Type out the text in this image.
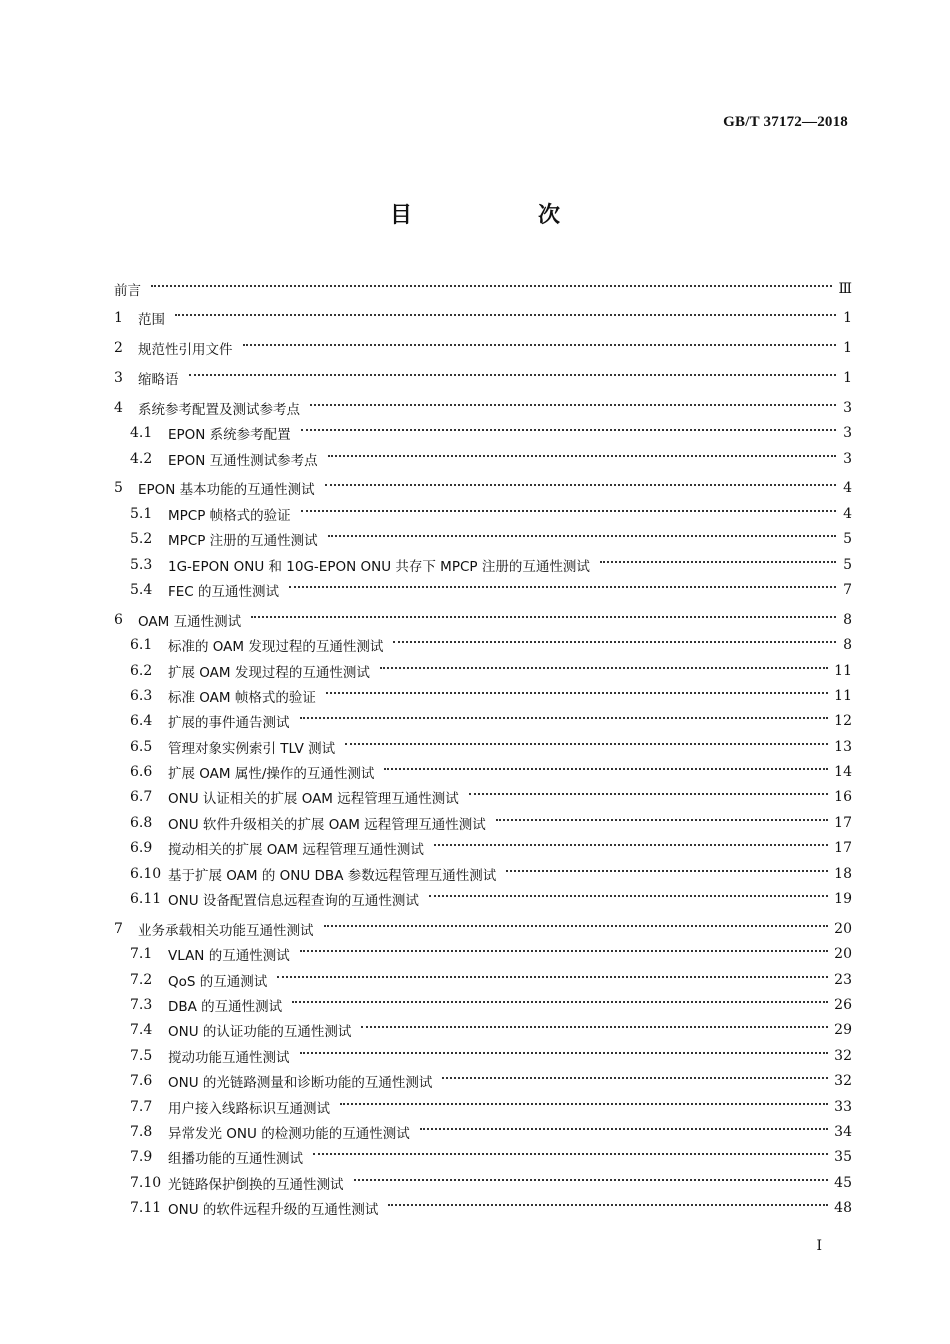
GB/T 37172—2018
目　次
前言	Ⅲ
1	范围	1
2	规范性引用文件	1
3	缩略语	1
4	系统参考配置及测试参考点	3
4.1	EPON 系统参考配置	3
4.2	EPON 互通性测试参考点	3
5	EPON 基本功能的互通性测试	4
5.1	MPCP 帧格式的验证	4
5.2	MPCP 注册的互通性测试	5
5.3	1G-EPON ONU 和 10G-EPON ONU 共存下 MPCP 注册的互通性测试	5
5.4	FEC 的互通性测试	7
6	OAM 互通性测试	8
6.1	标准的 OAM 发现过程的互通性测试	8
6.2	扩展 OAM 发现过程的互通性测试	11
6.3	标准 OAM 帧格式的验证	11
6.4	扩展的事件通告测试	12
6.5	管理对象实例索引 TLV 测试	13
6.6	扩展 OAM 属性/操作的互通性测试	14
6.7	ONU 认证相关的扩展 OAM 远程管理互通性测试	16
6.8	ONU 软件升级相关的扩展 OAM 远程管理互通性测试	17
6.9	搅动相关的扩展 OAM 远程管理互通性测试	17
6.10 基于扩展 OAM 的 ONU DBA 参数远程管理互通性测试	18
6.11 ONU 设备配置信息远程查询的互通性测试	19
7	业务承载相关功能互通性测试	20
7.1	VLAN 的互通性测试	20
7.2	QoS 的互通测试	23
7.3	DBA 的互通性测试	26
7.4	ONU 的认证功能的互通性测试	29
7.5	搅动功能互通性测试	32
7.6	ONU 的光链路测量和诊断功能的互通性测试	32
7.7	用户接入线路标识互通测试	33
7.8	异常发光 ONU 的检测功能的互通性测试	34
7.9	组播功能的互通性测试	35
7.10 光链路保护倒换的互通性测试	45
7.11 ONU 的软件远程升级的互通性测试	48
Ⅰ
